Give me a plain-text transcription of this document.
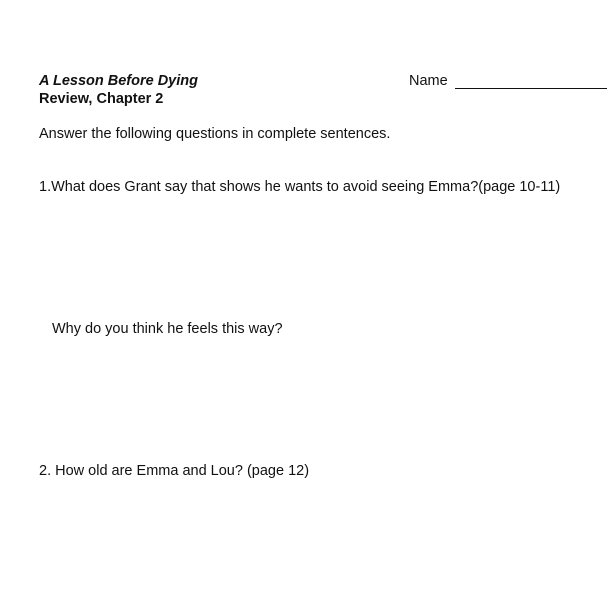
A Lesson Before Dying
Review, Chapter 2
Name
Answer the following questions in complete sentences.
1.What does Grant say that shows he wants to avoid seeing Emma?(page 10-11)
Why do you think he feels this way?
2. How old are Emma and Lou? (page 12)
